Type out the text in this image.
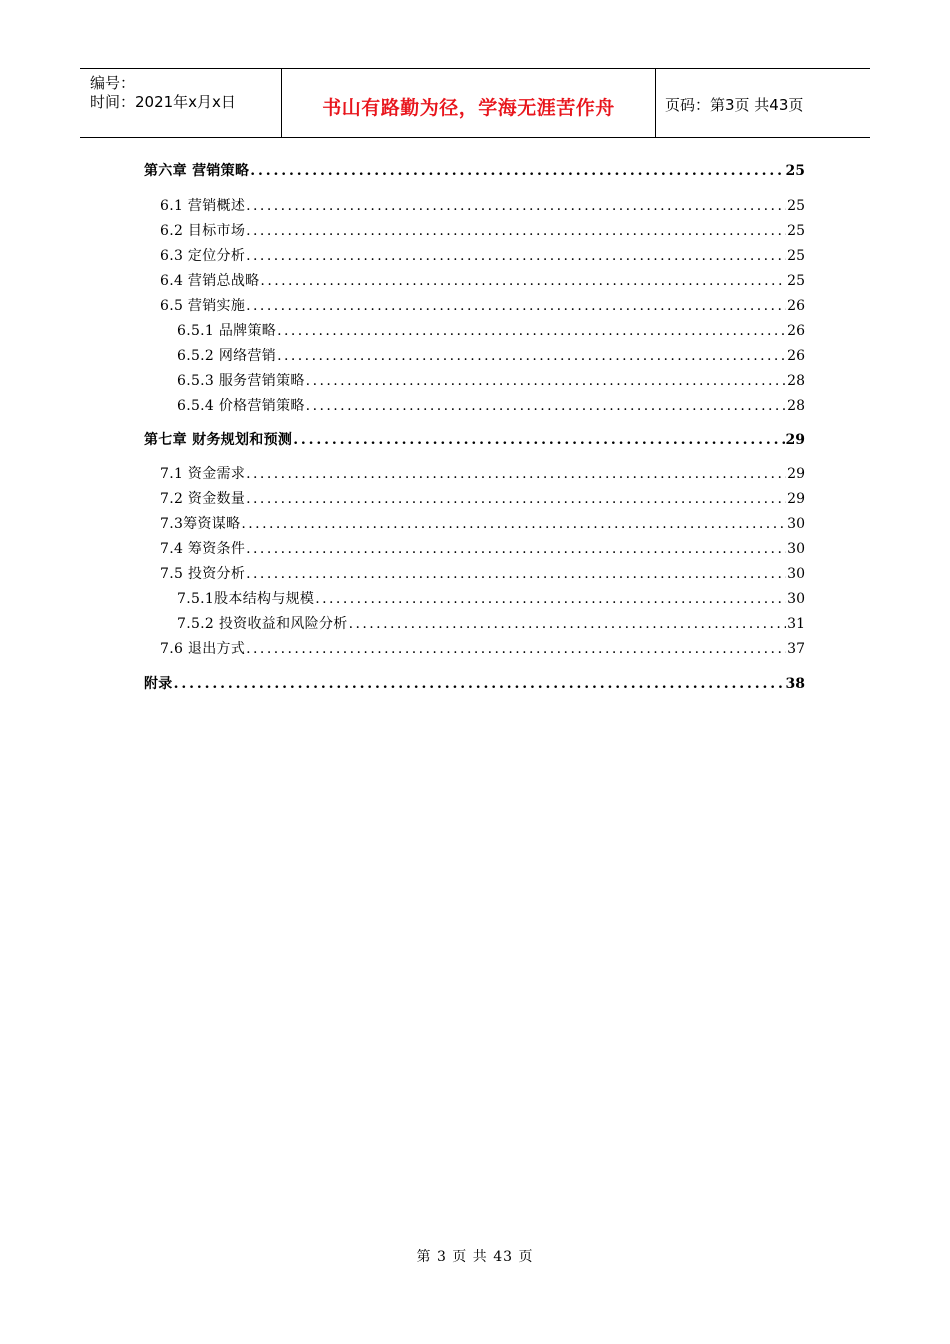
编号：
时间：2021年x月x日	书山有路勤为径，学海无涯苦作舟	页码：第3页 共43页
第六章 营销策略 . . .	25
6.1 营销概述 . . .	25
6.2 目标市场 . . .	25
6.3 定位分析 . . .	25
6.4 营销总战略 . . .	25
6.5 营销实施 . . .	26
6.5.1 品牌策略 . . .	26
6.5.2 网络营销 . . .	26
6.5.3 服务营销策略 . . .	28
6.5.4 价格营销策略 . . .	28
第七章 财务规划和预测 . . .	29
7.1 资金需求 . . .	29
7.2 资金数量 . . .	29
7.3筹资谋略 . . .	30
7.4 筹资条件 . . .	30
7.5 投资分析 . . .	30
7.5.1股本结构与规模 . . .	30
7.5.2 投资收益和风险分析 . . .	31
7.6 退出方式 . . .	37
附录 . . .	38
第 3 页 共 43 页
